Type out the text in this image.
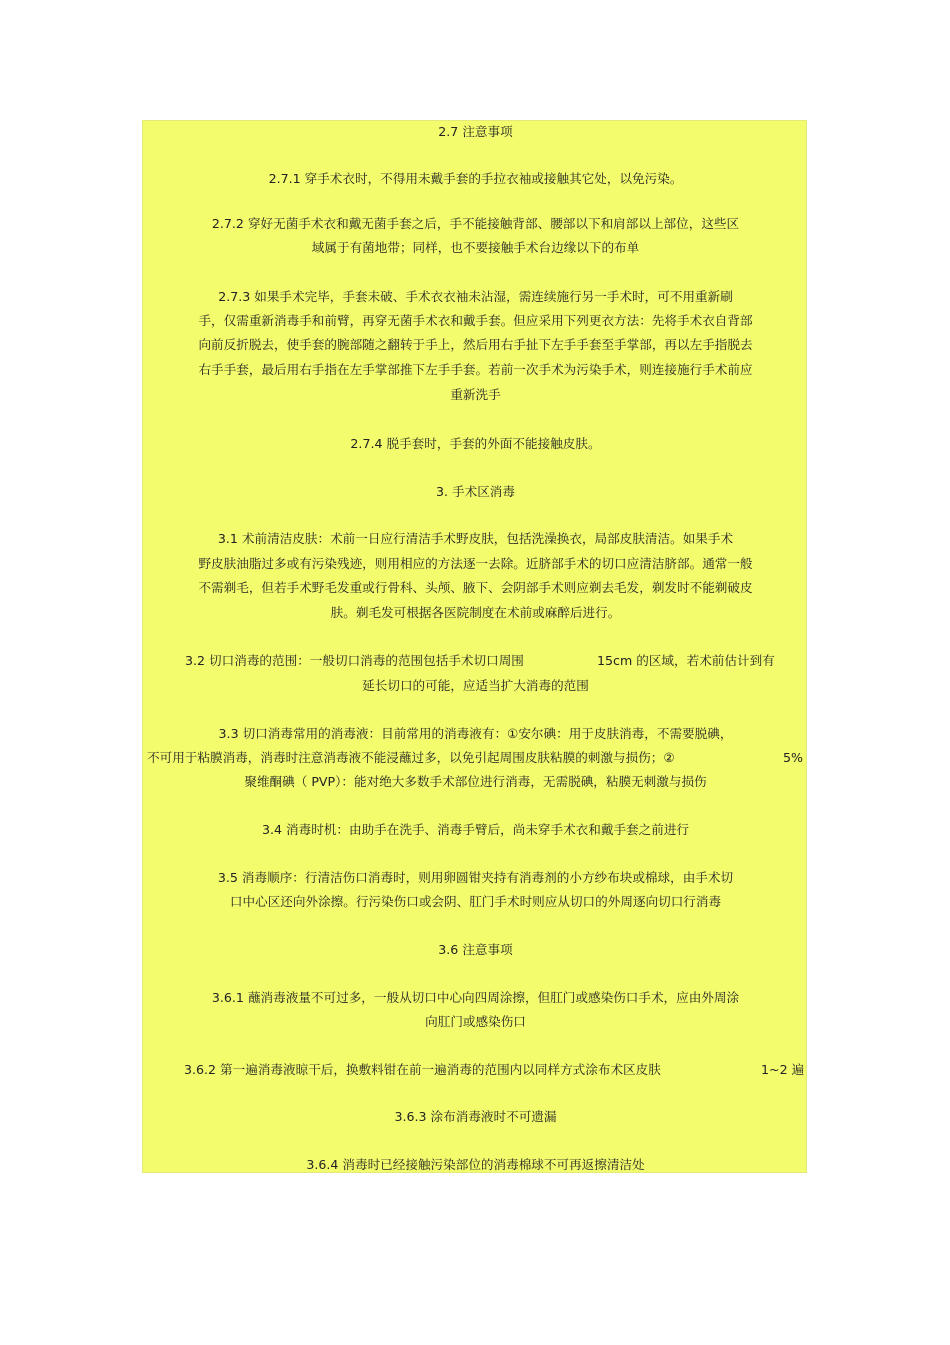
2.7 注意事项
2.7.1 穿手术衣时，不得用未戴手套的手拉衣袖或接触其它处，以免污染。
2.7.2 穿好无菌手术衣和戴无菌手套之后，手不能接触背部、腰部以下和肩部以上部位，这些区
域属于有菌地带；同样，也不要接触手术台边缘以下的布单
2.7.3 如果手术完毕，手套未破、手术衣衣袖未沾湿，需连续施行另一手术时，可不用重新刷
手，仅需重新消毒手和前臂，再穿无菌手术衣和戴手套。但应采用下列更衣方法：先将手术衣自背部
向前反折脱去，使手套的腕部随之翻转于手上，然后用右手扯下左手手套至手掌部，再以左手指脱去
右手手套，最后用右手指在左手掌部推下左手手套。若前一次手术为污染手术，则连接施行手术前应
重新洗手
2.7.4 脱手套时，手套的外面不能接触皮肤。
3. 手术区消毒
3.1 术前清洁皮肤：术前一日应行清洁手术野皮肤，包括洗澡换衣，局部皮肤清洁。如果手术
野皮肤油脂过多或有污染残迹，则用相应的方法逐一去除。近脐部手术的切口应清洁脐部。通常一般
不需剃毛，但若手术野毛发重或行骨科、头颅、腋下、会阴部手术则应剃去毛发，剃发时不能剃破皮
肤。剃毛发可根据各医院制度在术前或麻醉后进行。
3.2 切口消毒的范围：一般切口消毒的范围包括手术切口周围	15cm 的区域，若术前估计到有
延长切口的可能，应适当扩大消毒的范围
3.3 切口消毒常用的消毒液：目前常用的消毒液有：①安尔碘：用于皮肤消毒，不需要脱碘，
不可用于粘膜消毒，消毒时注意消毒液不能浸蘸过多，以免引起周围皮肤粘膜的刺激与损伤；②	5%
聚维酮碘（ PVP）：能对绝大多数手术部位进行消毒，无需脱碘，粘膜无刺激与损伤
3.4 消毒时机：由助手在洗手、消毒手臂后，尚未穿手术衣和戴手套之前进行
3.5 消毒顺序：行清洁伤口消毒时，则用卵圆钳夹持有消毒剂的小方纱布块或棉球，由手术切
口中心区还向外涂擦。行污染伤口或会阴、肛门手术时则应从切口的外周逐向切口行消毒
3.6 注意事项
3.6.1 蘸消毒液量不可过多，一般从切口中心向四周涂擦，但肛门或感染伤口手术，应由外周涂
向肛门或感染伤口
3.6.2 第一遍消毒液晾干后，换敷料钳在前一遍消毒的范围内以同样方式涂布术区皮肤	1~2 遍
3.6.3 涂布消毒液时不可遗漏
3.6.4 消毒时已经接触污染部位的消毒棉球不可再返擦清洁处
